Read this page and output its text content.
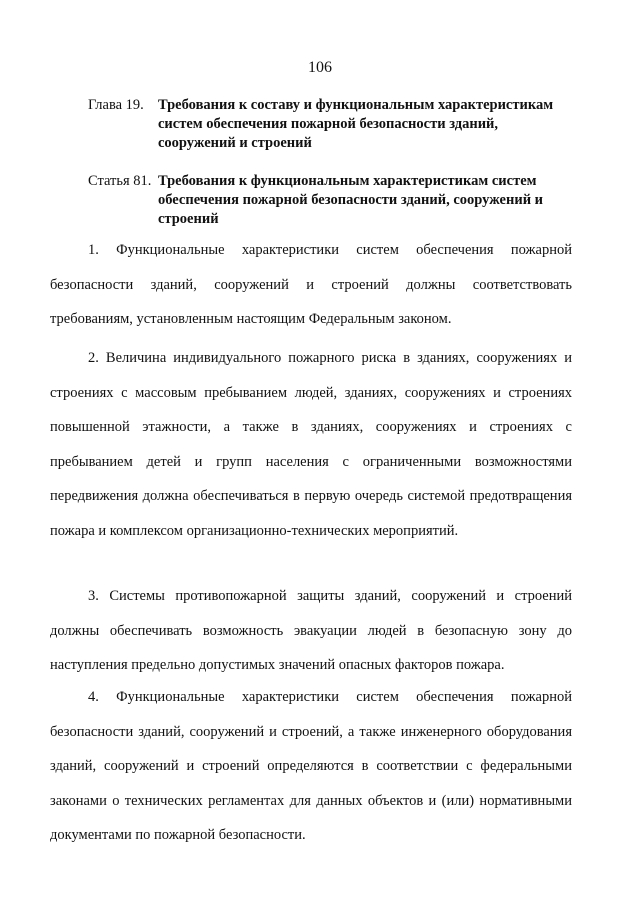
106
Глава 19. Требования к составу и функциональным характеристикам систем обеспечения пожарной безопасности зданий, сооружений и строений
Статья 81. Требования к функциональным характеристикам систем обеспечения пожарной безопасности зданий, сооружений и строений

1. Функциональные характеристики систем обеспечения пожарной безопасности зданий, сооружений и строений должны соответствовать требованиям, установленным настоящим Федеральным законом.

2. Величина индивидуального пожарного риска в зданиях, сооружениях и строениях с массовым пребыванием людей, зданиях, сооружениях и строениях повышенной этажности, а также в зданиях, сооружениях и строениях с пребыванием детей и групп населения с ограниченными возможностями передвижения должна обеспечиваться в первую очередь системой предотвращения пожара и комплексом организационно-технических мероприятий.

3. Системы противопожарной защиты зданий, сооружений и строений должны обеспечивать возможность эвакуации людей в безопасную зону до наступления предельно допустимых значений опасных факторов пожара.

4. Функциональные характеристики систем обеспечения пожарной безопасности зданий, сооружений и строений, а также инженерного оборудования зданий, сооружений и строений определяются в соответствии с федеральными законами о технических регламентах для данных объектов и (или) нормативными документами по пожарной безопасности.
